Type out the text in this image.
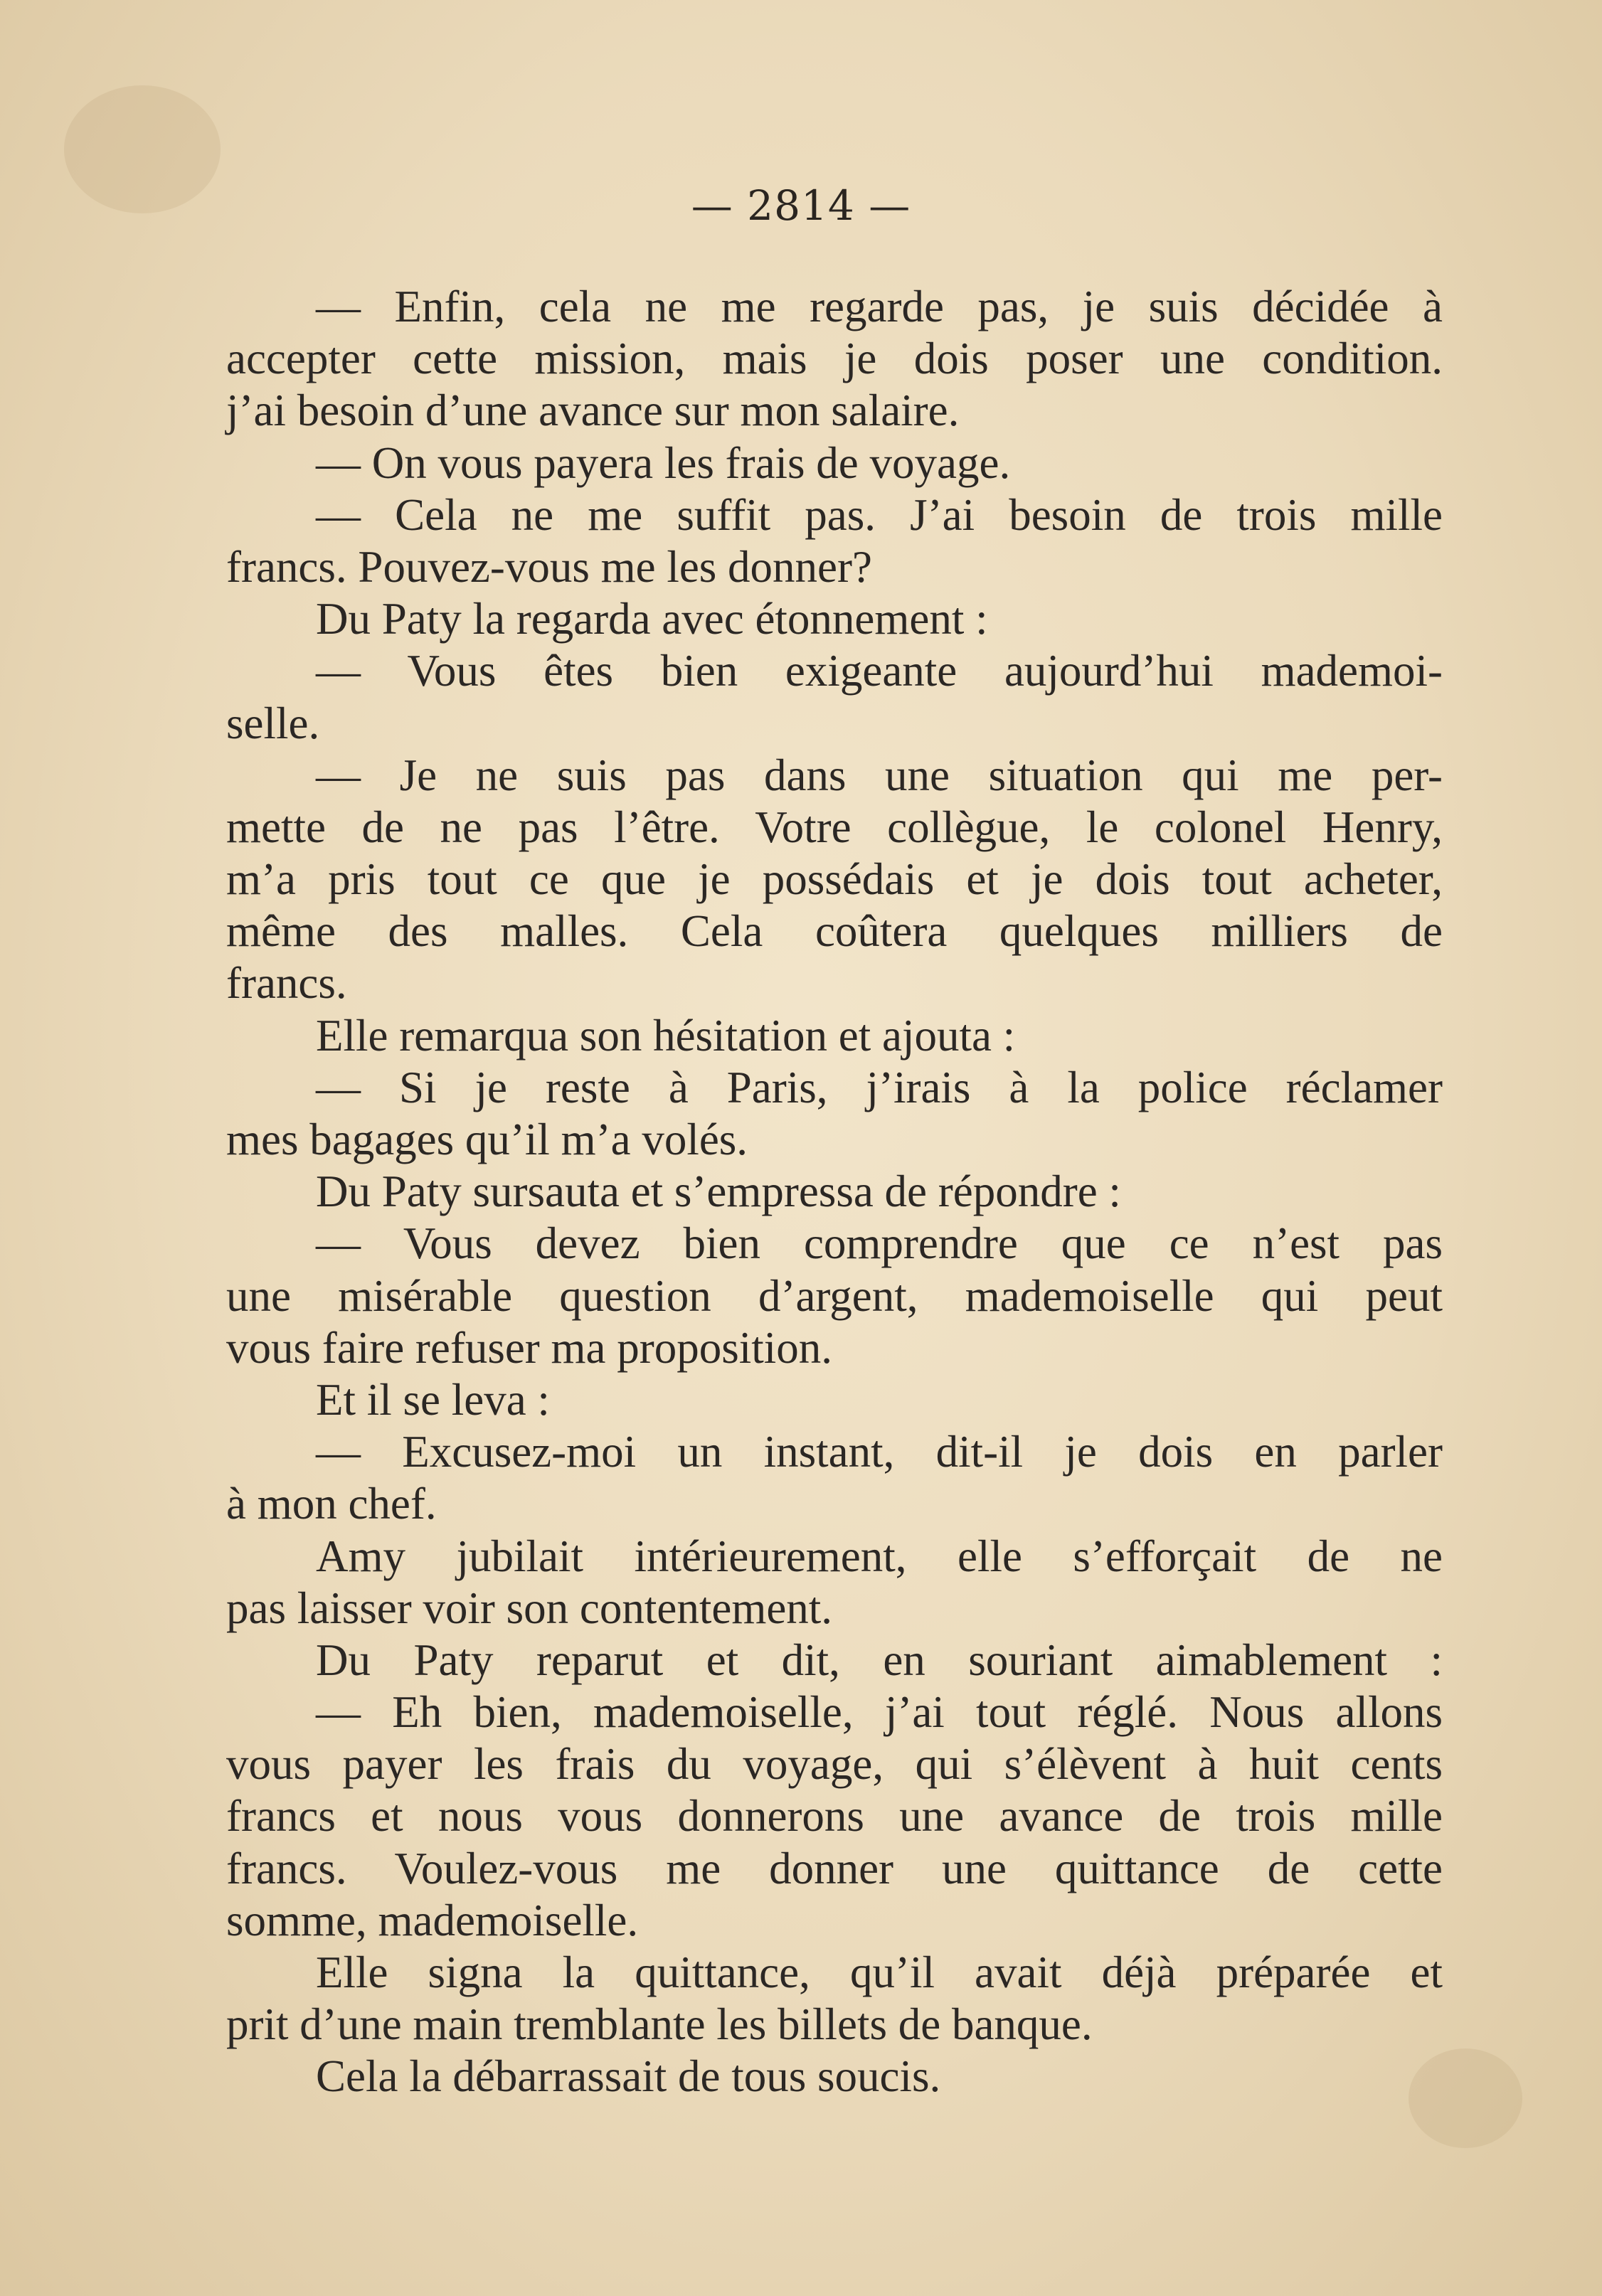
— 2814 —
— Enfin, cela ne me regarde pas, je suis décidée à
accepter cette mission, mais je dois poser une condition.
j’ai besoin d’une avance sur mon salaire.
— On vous payera les frais de voyage.
— Cela ne me suffit pas. J’ai besoin de trois mille
francs. Pouvez-vous me les donner?
Du Paty la regarda avec étonnement :
— Vous êtes bien exigeante aujourd’hui mademoi-
selle.
— Je ne suis pas dans une situation qui me per-
mette de ne pas l’être. Votre collègue, le colonel Henry,
m’a pris tout ce que je possédais et je dois tout acheter,
même des malles. Cela coûtera quelques milliers de
francs.
Elle remarqua son hésitation et ajouta :
— Si je reste à Paris, j’irais à la police réclamer
mes bagages qu’il m’a volés.
Du Paty sursauta et s’empressa de répondre :
— Vous devez bien comprendre que ce n’est pas
une misérable question d’argent, mademoiselle qui peut
vous faire refuser ma proposition.
Et il se leva :
— Excusez-moi un instant, dit-il je dois en parler
à mon chef.
Amy jubilait intérieurement, elle s’efforçait de ne
pas laisser voir son contentement.
Du Paty reparut et dit, en souriant aimablement :
— Eh bien, mademoiselle, j’ai tout réglé. Nous allons
vous payer les frais du voyage, qui s’élèvent à huit cents
francs et nous vous donnerons une avance de trois mille
francs. Voulez-vous me donner une quittance de cette
somme, mademoiselle.
Elle signa la quittance, qu’il avait déjà préparée et
prit d’une main tremblante les billets de banque.
Cela la débarrassait de tous soucis.
